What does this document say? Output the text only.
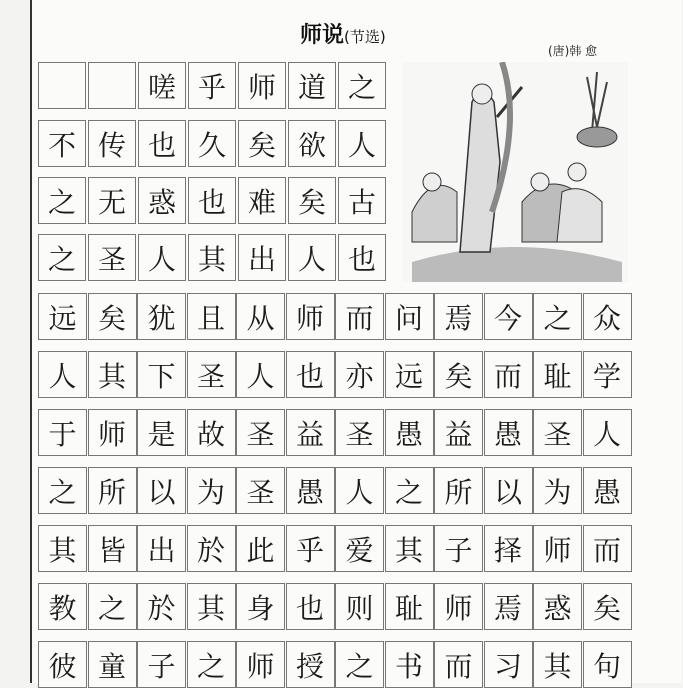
师说(节选)
(唐)韩 愈
嗟 乎 师 道 之
不 传 也 久 矣 欲 人
之 无 惑 也 难 矣 古
之 圣 人 其 出 人 也
远 矣 犹 且 从 师 而 问 焉 今 之 众
人 其 下 圣 人 也 亦 远 矣 而 耻 学
于 师 是 故 圣 益 圣 愚 益 愚 圣 人
之 所 以 为 圣 愚 人 之 所 以 为 愚
其 皆 出 於 此 乎 爱 其 子 择 师 而
教 之 於 其 身 也 则 耻 师 焉 惑 矣
彼 童 子 之 师 授 之 书 而 习 其 句
